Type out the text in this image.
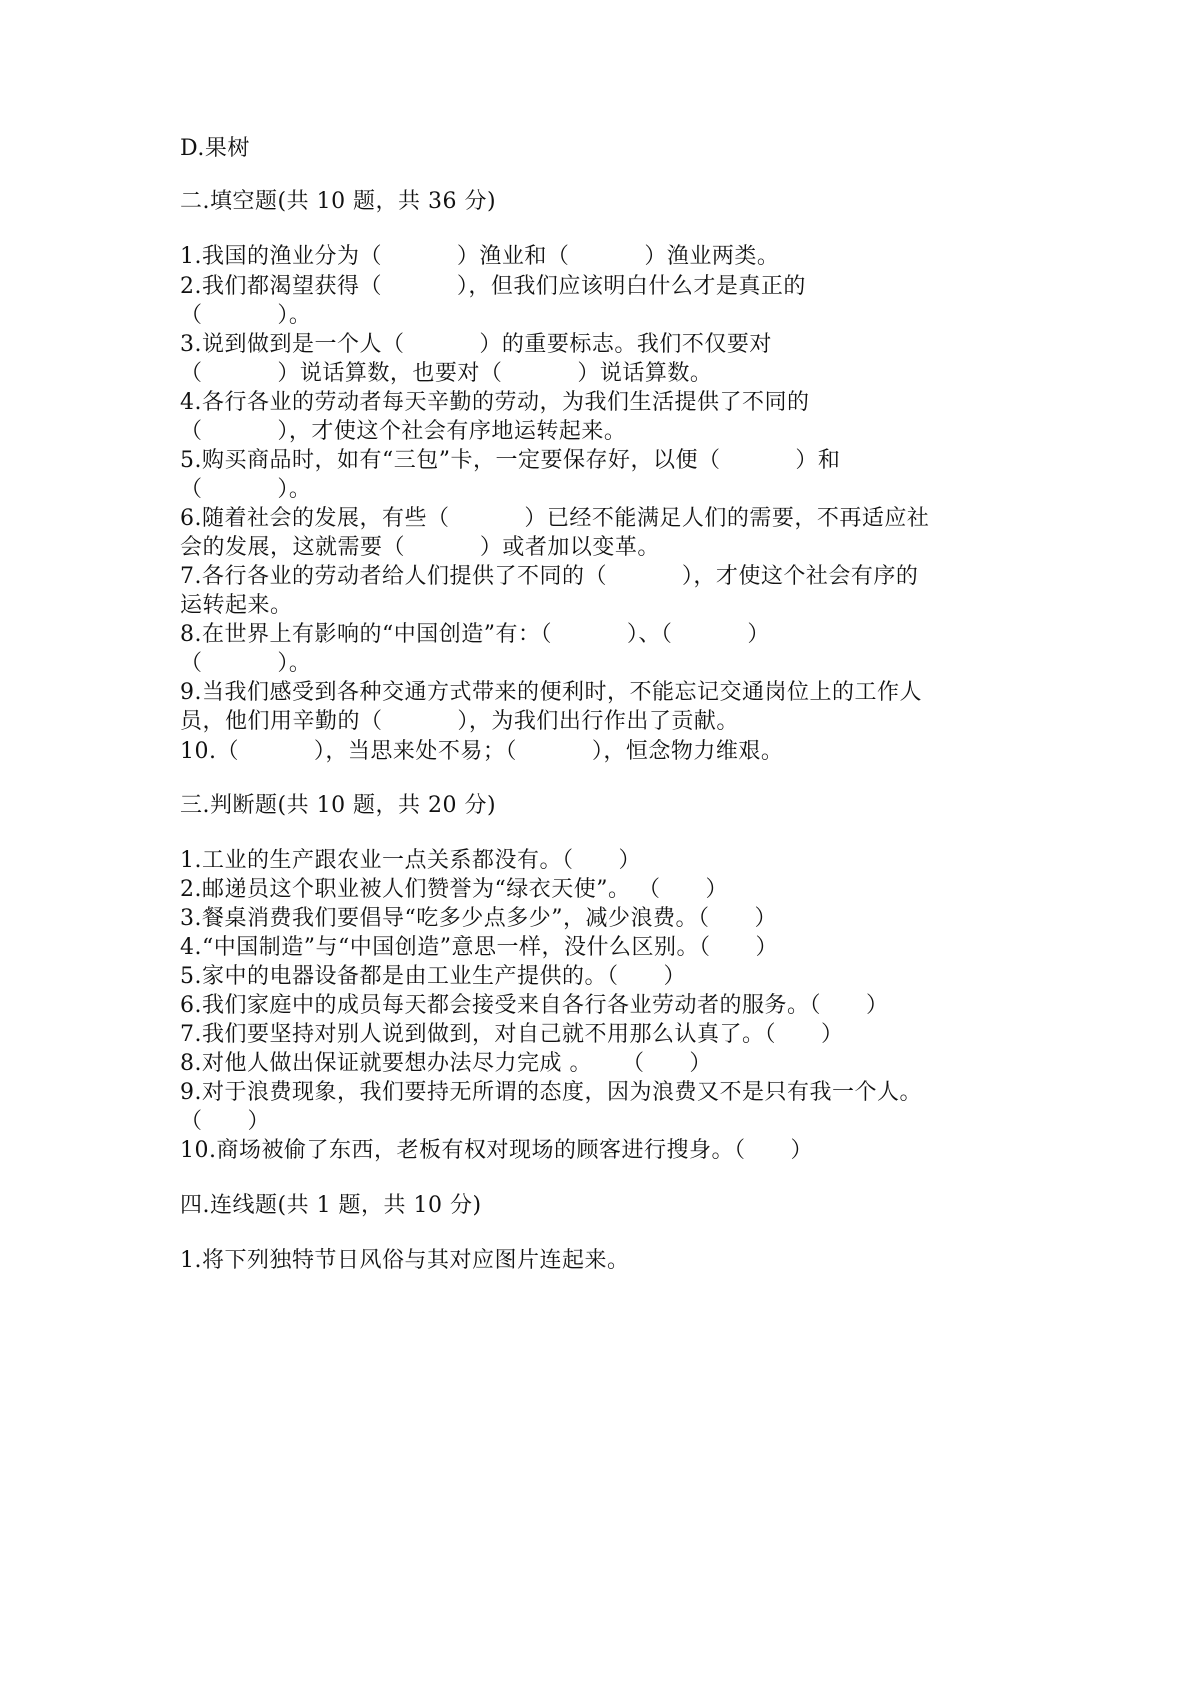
D.果树
二.填空题(共 10 题，共 36 分)
1.我国的渔业分为（          ）渔业和（          ）渔业两类。
2.我们都渴望获得（          ），但我们应该明白什么才是真正的
（          ）。
3.说到做到是一个人（          ）的重要标志。我们不仅要对
（          ）说话算数，也要对（          ）说话算数。
4.各行各业的劳动者每天辛勤的劳动，为我们生活提供了不同的
（          ），才使这个社会有序地运转起来。
5.购买商品时，如有“三包”卡，一定要保存好，以便（          ）和
（          ）。
6.随着社会的发展，有些（          ）已经不能满足人们的需要，不再适应社
会的发展，这就需要（          ）或者加以变革。
7.各行各业的劳动者给人们提供了不同的（          ），才使这个社会有序的
运转起来。
8.在世界上有影响的“中国创造”有：（          ）、（          ）
（          ）。
9.当我们感受到各种交通方式带来的便利时，不能忘记交通岗位上的工作人
员，他们用辛勤的（          ），为我们出行作出了贡献。
10.（          ），当思来处不易；（          ），恒念物力维艰。
三.判断题(共 10 题，共 20 分)
1.工业的生产跟农业一点关系都没有。（      ）
2.邮递员这个职业被人们赞誉为“绿衣天使”。 （      ）
3.餐桌消费我们要倡导“吃多少点多少”，减少浪费。（      ）
4.“中国制造”与“中国创造”意思一样，没什么区别。（      ）
5.家中的电器设备都是由工业生产提供的。（      ）
6.我们家庭中的成员每天都会接受来自各行各业劳动者的服务。（      ）
7.我们要坚持对别人说到做到，对自己就不用那么认真了。（      ）
8.对他人做出保证就要想办法尽力完成 。    （      ）
9.对于浪费现象，我们要持无所谓的态度，因为浪费又不是只有我一个人。
（      ）
10.商场被偷了东西，老板有权对现场的顾客进行搜身。（      ）
四.连线题(共 1 题，共 10 分)
1.将下列独特节日风俗与其对应图片连起来。
